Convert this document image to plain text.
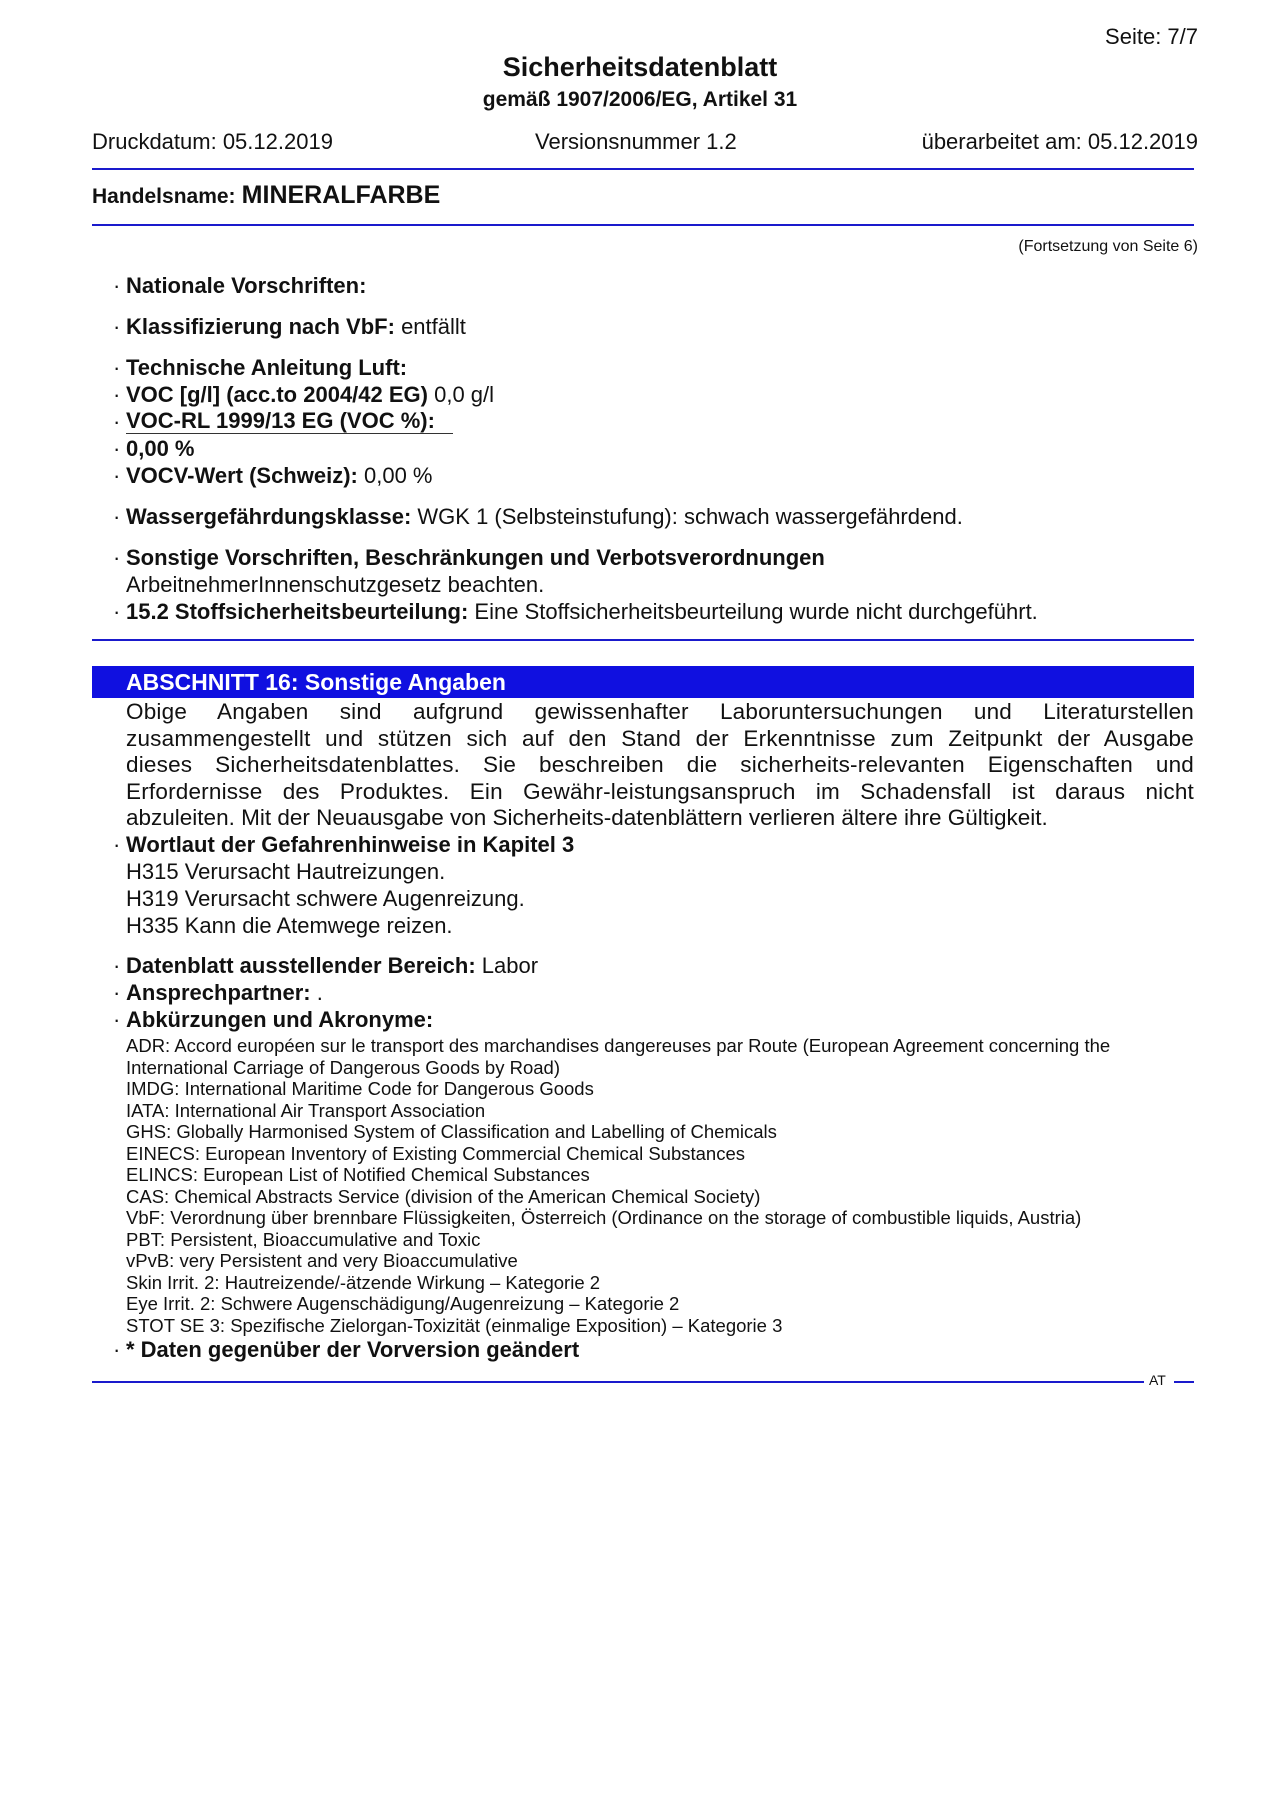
Seite: 7/7
Sicherheitsdatenblatt
gemäß 1907/2006/EG, Artikel 31
Druckdatum: 05.12.2019	Versionsnummer 1.2	überarbeitet am: 05.12.2019
Handelsname: MINERALFARBE
(Fortsetzung von Seite 6)
· Nationale Vorschriften:
· Klassifizierung nach VbF: entfällt
· Technische Anleitung Luft:
· VOC [g/l] (acc.to 2004/42 EG) 0,0 g/l
· VOC-RL 1999/13 EG (VOC %):
· 0,00 %
· VOCV-Wert (Schweiz): 0,00 %
· Wassergefährdungsklasse: WGK 1 (Selbsteinstufung): schwach wassergefährdend.
· Sonstige Vorschriften, Beschränkungen und Verbotsverordnungen
ArbeitnehmerInnenschutzgesetz beachten.
· 15.2 Stoffsicherheitsbeurteilung: Eine Stoffsicherheitsbeurteilung wurde nicht durchgeführt.
ABSCHNITT 16: Sonstige Angaben
Obige Angaben sind aufgrund gewissenhafter Laboruntersuchungen und Literaturstellen
zusammengestellt und stützen sich auf den Stand der Erkenntnisse zum Zeitpunkt der Ausgabe
dieses Sicherheitsdatenblattes. Sie beschreiben die sicherheits-relevanten Eigenschaften und
Erfordernisse des Produktes. Ein Gewähr-leistungsanspruch im Schadensfall ist daraus nicht
abzuleiten. Mit der Neuausgabe von Sicherheits-datenblättern verlieren ältere ihre Gültigkeit.
· Wortlaut der Gefahrenhinweise in Kapitel 3
H315 Verursacht Hautreizungen.
H319 Verursacht schwere Augenreizung.
H335 Kann die Atemwege reizen.
· Datenblatt ausstellender Bereich: Labor
· Ansprechpartner: .
· Abkürzungen und Akronyme:
ADR: Accord européen sur le transport des marchandises dangereuses par Route (European Agreement concerning the
International Carriage of Dangerous Goods by Road)
IMDG: International Maritime Code for Dangerous Goods
IATA: International Air Transport Association
GHS: Globally Harmonised System of Classification and Labelling of Chemicals
EINECS: European Inventory of Existing Commercial Chemical Substances
ELINCS: European List of Notified Chemical Substances
CAS: Chemical Abstracts Service (division of the American Chemical Society)
VbF: Verordnung über brennbare Flüssigkeiten, Österreich (Ordinance on the storage of combustible liquids, Austria)
PBT: Persistent, Bioaccumulative and Toxic
vPvB: very Persistent and very Bioaccumulative
Skin Irrit. 2: Hautreizende/-ätzende Wirkung – Kategorie 2
Eye Irrit. 2: Schwere Augenschädigung/Augenreizung – Kategorie 2
STOT SE 3: Spezifische Zielorgan-Toxizität (einmalige Exposition) – Kategorie 3
· * Daten gegenüber der Vorversion geändert
AT
